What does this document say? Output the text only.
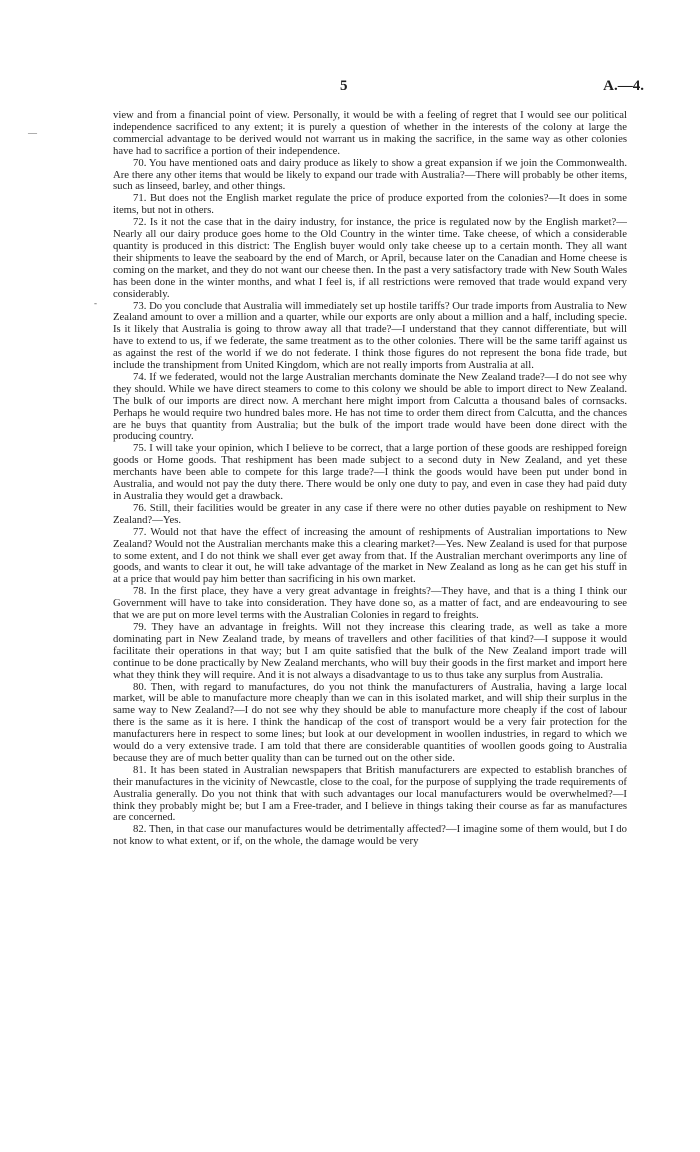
5	A.—4.
—
-

view and from a financial point of view. Personally, it would be with a feeling of regret that I would see our political independence sacrificed to any extent; it is purely a question of whether in the interests of the colony at large the commercial advantage to be derived would not warrant us in making the sacrifice, in the same way as other colonies have had to sacrifice a portion of their independence.

70. You have mentioned oats and dairy produce as likely to show a great expansion if we join the Commonwealth. Are there any other items that would be likely to expand our trade with Australia?—There will probably be other items, such as linseed, barley, and other things.

71. But does not the English market regulate the price of produce exported from the colonies?—It does in some items, but not in others.

72. Is it not the case that in the dairy industry, for instance, the price is regulated now by the English market?—Nearly all our dairy produce goes home to the Old Country in the winter time. Take cheese, of which a considerable quantity is produced in this district: The English buyer would only take cheese up to a certain month. They all want their shipments to leave the seaboard by the end of March, or April, because later on the Canadian and Home cheese is coming on the market, and they do not want our cheese then. In the past a very satisfactory trade with New South Wales has been done in the winter months, and what I feel is, if all restrictions were removed that trade would expand very considerably.

73. Do you conclude that Australia will immediately set up hostile tariffs? Our trade imports from Australia to New Zealand amount to over a million and a quarter, while our exports are only about a million and a half, including specie. Is it likely that Australia is going to throw away all that trade?—I understand that they cannot differentiate, but will have to extend to us, if we federate, the same treatment as to the other colonies. There will be the same tariff against us as against the rest of the world if we do not federate. I think those figures do not represent the bona fide trade, but include the transhipment from United Kingdom, which are not really imports from Australia at all.

74. If we federated, would not the large Australian merchants dominate the New Zealand trade?—I do not see why they should. While we have direct steamers to come to this colony we should be able to import direct to New Zealand. The bulk of our imports are direct now. A merchant here might import from Calcutta a thousand bales of cornsacks. Perhaps he would require two hundred bales more. He has not time to order them direct from Calcutta, and the chances are he buys that quantity from Australia; but the bulk of the import trade would have been done direct with the producing country.

75. I will take your opinion, which I believe to be correct, that a large portion of these goods are reshipped foreign goods or Home goods. That reshipment has been made subject to a second duty in New Zealand, and yet these merchants have been able to compete for this large trade?—I think the goods would have been put under bond in Australia, and would not pay the duty there. There would be only one duty to pay, and even in case they had paid duty in Australia they would get a drawback.

76. Still, their facilities would be greater in any case if there were no other duties payable on reshipment to New Zealand?—Yes.

77. Would not that have the effect of increasing the amount of reshipments of Australian importations to New Zealand? Would not the Australian merchants make this a clearing market?—Yes. New Zealand is used for that purpose to some extent, and I do not think we shall ever get away from that. If the Australian merchant overimports any line of goods, and wants to clear it out, he will take advantage of the market in New Zealand as long as he can get his stuff in at a price that would pay him better than sacrificing in his own market.

78. In the first place, they have a very great advantage in freights?—They have, and that is a thing I think our Government will have to take into consideration. They have done so, as a matter of fact, and are endeavouring to see that we are put on more level terms with the Australian Colonies in regard to freights.

79. They have an advantage in freights. Will not they increase this clearing trade, as well as take a more dominating part in New Zealand trade, by means of travellers and other facilities of that kind?—I suppose it would facilitate their operations in that way; but I am quite satisfied that the bulk of the New Zealand import trade will continue to be done practically by New Zealand merchants, who will buy their goods in the first market and import here what they think they will require. And it is not always a disadvantage to us to thus take any surplus from Australia.

80. Then, with regard to manufactures, do you not think the manufacturers of Australia, having a large local market, will be able to manufacture more cheaply than we can in this isolated market, and will ship their surplus in the same way to New Zealand?—I do not see why they should be able to manufacture more cheaply if the cost of labour there is the same as it is here. I think the handicap of the cost of transport would be a very fair protection for the manufacturers here in respect to some lines; but look at our development in woollen industries, in regard to which we would do a very extensive trade. I am told that there are considerable quantities of woollen goods going to Australia because they are of much better quality than can be turned out on the other side.

81. It has been stated in Australian newspapers that British manufacturers are expected to establish branches of their manufactures in the vicinity of Newcastle, close to the coal, for the purpose of supplying the trade requirements of Australia generally. Do you not think that with such advantages our local manufacturers would be overwhelmed?—I think they probably might be; but I am a Free-trader, and I believe in things taking their course as far as manufactures are concerned.

82. Then, in that case our manufactures would be detrimentally affected?—I imagine some of them would, but I do not know to what extent, or if, on the whole, the damage would be very
